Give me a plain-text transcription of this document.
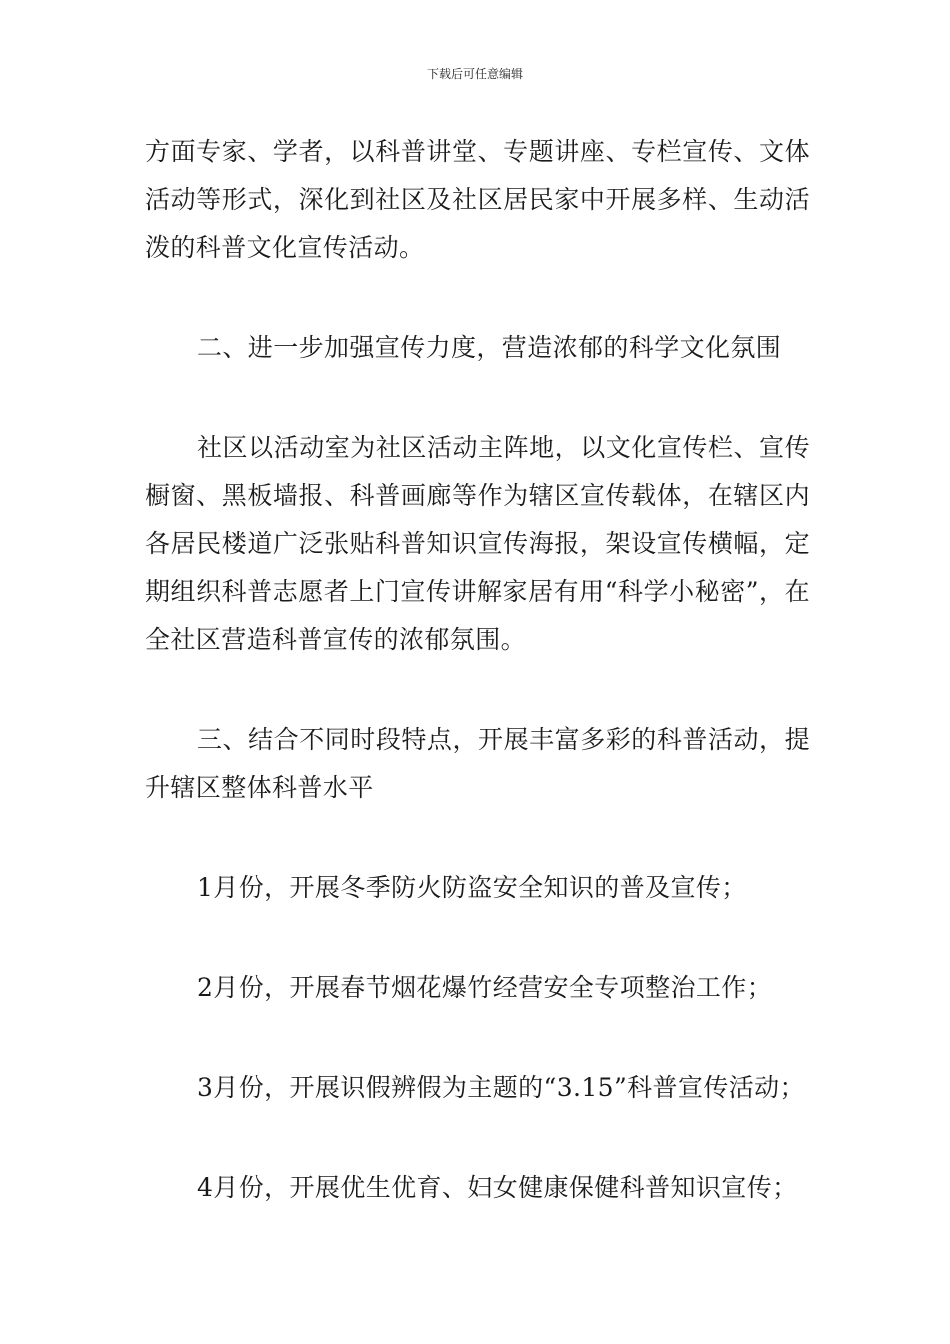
下载后可任意编辑

方面专家、学者，以科普讲堂、专题讲座、专栏宣传、文体活动等形式，深化到社区及社区居民家中开展多样、生动活泼的科普文化宣传活动。

二、进一步加强宣传力度，营造浓郁的科学文化氛围

社区以活动室为社区活动主阵地，以文化宣传栏、宣传橱窗、黑板墙报、科普画廊等作为辖区宣传载体，在辖区内各居民楼道广泛张贴科普知识宣传海报，架设宣传横幅，定期组织科普志愿者上门宣传讲解家居有用“科学小秘密”，在全社区营造科普宣传的浓郁氛围。

三、结合不同时段特点，开展丰富多彩的科普活动，提升辖区整体科普水平

1月份，开展冬季防火防盗安全知识的普及宣传；

2月份，开展春节烟花爆竹经营安全专项整治工作；

3月份，开展识假辨假为主题的“3.15”科普宣传活动；

4月份，开展优生优育、妇女健康保健科普知识宣传；
